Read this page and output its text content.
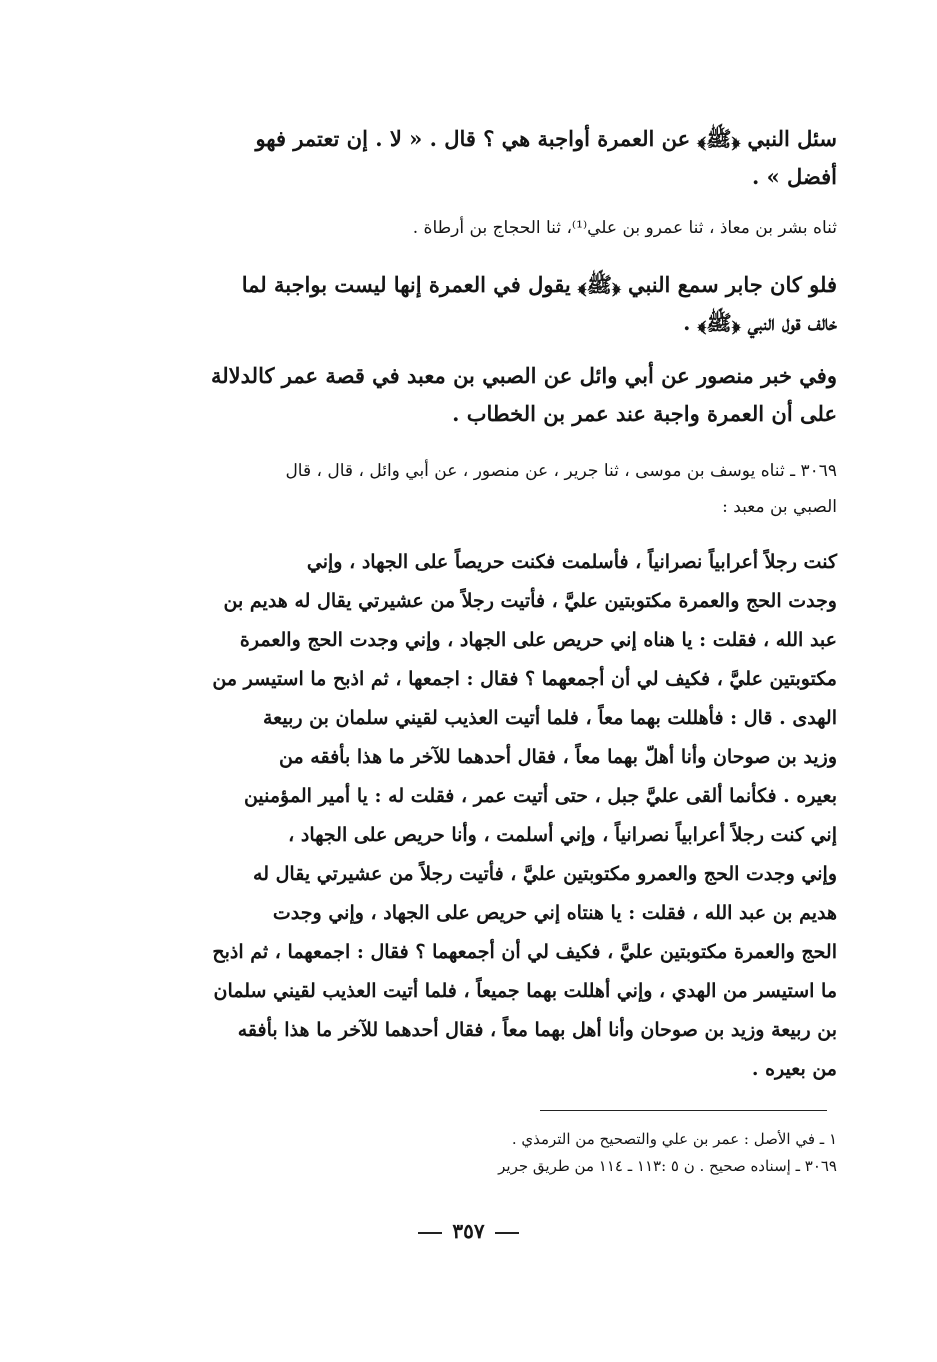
سئل النبي ﴿ﷺ﴾ عن العمرة أواجبة هي ؟ قال . « لا . إن تعتمر فهو
أفضل » .

ثناه بشر بن معاذ ، ثنا عمرو بن علي⁽¹⁾، ثنا الحجاج بن أرطاة .

فلو كان جابر سمع النبي ﴿ﷺ﴾ يقول في العمرة إنها ليست بواجبة لما
خالف قول النبي ﴿ﷺ﴾ .

وفي خبر منصور عن أبي وائل عن الصبي بن معبد في قصة عمر كالدلالة
على أن العمرة واجبة عند عمر بن الخطاب .

٣٠٦٩ ـ ثناه يوسف بن موسى ، ثنا جرير ، عن منصور ، عن أبي وائل ، قال ، قال
الصبي بن معبد :

كنت رجلاً أعرابياً نصرانياً ، فأسلمت فكنت حريصاً على الجهاد ، وإني
وجدت الحج والعمرة مكتوبتين عليَّ ، فأتيت رجلاً من عشيرتي يقال له هديم بن
عبد الله ، فقلت : يا هناه إني حريص على الجهاد ، وإني وجدت الحج والعمرة
مكتوبتين عليَّ ، فكيف لي أن أجمعهما ؟ فقال : اجمعها ، ثم اذبح ما استيسر من
الهدى . قال : فأهللت بهما معاً ، فلما أتيت العذيب لقيني سلمان بن ربيعة
وزيد بن صوحان وأنا أهلّ بهما معاً ، فقال أحدهما للآخر ما هذا بأفقه من
بعيره . فكأنما ألقى عليَّ جبل ، حتى أتيت عمر ، فقلت له : يا أمير المؤمنين
إني كنت رجلاً أعرابياً نصرانياً ، وإني أسلمت ، وأنا حريص على الجهاد ،
وإني وجدت الحج والعمرو مكتوبتين عليَّ ، فأتيت رجلاً من عشيرتي يقال له
هديم بن عبد الله ، فقلت : يا هنتاه إني حريص على الجهاد ، وإني وجدت
الحج والعمرة مكتوبتين عليَّ ، فكيف لي أن أجمعهما ؟ فقال : اجمعهما ، ثم اذبح
ما استيسر من الهدي ، وإني أهللت بهما جميعاً ، فلما أتيت العذيب لقيني سلمان
بن ربيعة وزيد بن صوحان وأنا أهل بهما معاً ، فقال أحدهما للآخر ما هذا بأفقه
من بعيره .

١ ـ في الأصل : عمر بن علي والتصحيح من الترمذي .
٣٠٦٩ ـ إسناده صحيح . ن ٥ :١١٣ ـ ١١٤ من طريق جرير

٣٥٧
